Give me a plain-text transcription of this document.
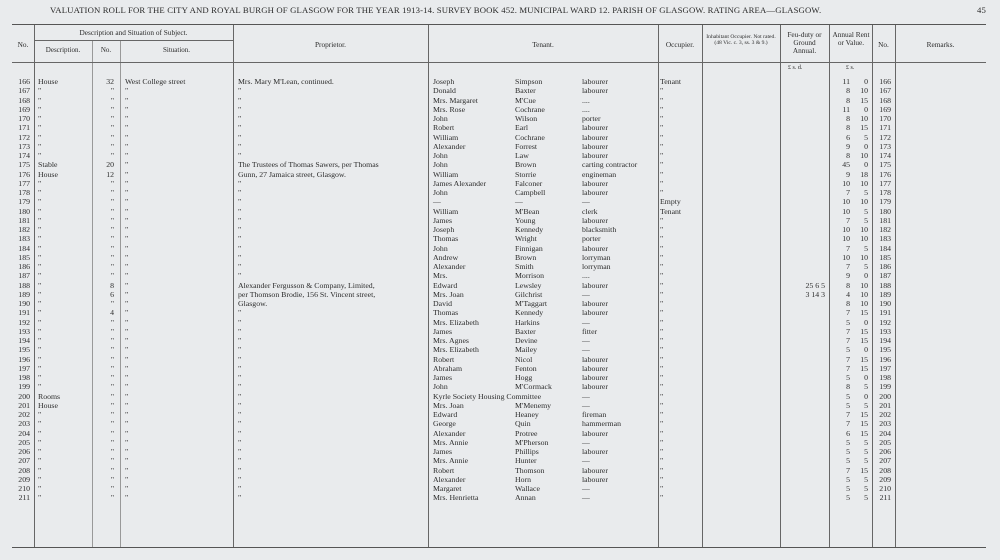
VALUATION ROLL FOR THE CITY AND ROYAL BURGH OF GLASGOW FOR THE YEAR 1913-14. SURVEY BOOK 452. MUNICIPAL WARD 12. PARISH OF GLASGOW. RATING AREA—GLASGOW.	45
No.
Description and Situation of Subject.
Description.	No.	Situation.
Proprietor.	Tenant.	Occupier.
Inhabitant Occupier. Not rated. (48 Vic. c. 3, ss. 3 & 9.)
Feu-duty or Ground Annual.
Annual Rent or Value.	No.	Remarks.
£ s. d.	£ s.
166 House	32 West College street	Mrs. Mary M'Lean, continued.	Joseph	Simpson	labourer	Tenant	11	0	166
167 "	" "	"	Donald	Baxter	labourer	"	8	10	167
168 "	" "	"	Mrs. Margaret	M'Cue	....	"	8	15	168
169 "	" "	"	Mrs. Rose	Cochrane	....	"	11	0	169
170 "	" "	"	John	Wilson	porter	"	8	10	170
171 "	" "	"	Robert	Earl	labourer	"	8	15	171
172 "	" "	"	William	Cochrane	labourer	"	6	5	172
173 "	" "	"	Alexander	Forrest	labourer	"	9	0	173
174 "	" "	"	John	Law	labourer	"	8	10	174
175 Stable	20 "	The Trustees of Thomas Sawers, per Thomas	John	Brown	carting contractor	"	45	0	175
176 House	12 "	Gunn, 27 Jamaica street, Glasgow.	William	Storrie	engineman	"	9	18	176
177 "	" "	"	James Alexander	Falconer	labourer	"	10	10	177
178 "	" "	"	John	Campbell	labourer	"	7	5	178
179 "	" "	"	—	—	—	Empty	10	10	179
180 "	" "	"	William	M'Bean	clerk	Tenant	10	5	180
181 "	" "	"	James	Young	labourer	"	7	5	181
182 "	" "	"	Joseph	Kennedy	blacksmith	"	10	10	182
183 "	" "	"	Thomas	Wright	porter	"	10	10	183
184 "	" "	"	John	Finnigan	labourer	"	7	5	184
185 "	" "	"	Andrew	Brown	lorryman	"	10	10	185
186 "	" "	"	Alexander	Smith	lorryman	"	7	5	186
187 "	" "	"	Mrs.	Morrison	....	"	9	0	187
188 "	8 "	Alexander Fergusson & Company, Limited,	Edward	Lewsley	labourer	"	25 6 5	8	10	188
189 "	6 "	per Thomson Brodie, 156 St. Vincent street,	Mrs. Joan	Gilchrist	—	"	3 14 3	4	10	189
190 "	" "	Glasgow.	David	M'Taggart	labourer	"	8	10	190
191 "	4 "	"	Thomas	Kennedy	labourer	"	7	15	191
192 "	" "	"	Mrs. Elizabeth	Harkins	—	"	5	0	192
193 "	" "	"	James	Baxter	fitter	"	7	15	193
194 "	" "	"	Mrs. Agnes	Devine	—	"	7	15	194
195 "	" "	"	Mrs. Elizabeth	Mailey	—	"	5	0	195
196 "	" "	"	Robert	Nicol	labourer	"	7	15	196
197 "	" "	"	Abraham	Fenton	labourer	"	7	15	197
198 "	" "	"	James	Hogg	labourer	"	5	0	198
199 "	" "	"	John	M'Cormack	labourer	"	8	5	199
200 Rooms	" "	"	Kyrle Society Housing Committee	—	"	5	0	200
201 House	" "	"	Mrs. Joan	M'Menemy	—	"	5	5	201
202 "	" "	"	Edward	Heaney	fireman	"	7	15	202
203 "	" "	"	George	Quin	hammerman	"	7	15	203
204 "	" "	"	Alexander	Protree	labourer	"	6	15	204
205 "	" "	"	Mrs. Annie	M'Pherson	—	"	5	5	205
206 "	" "	"	James	Phillips	labourer	"	5	5	206
207 "	" "	"	Mrs. Annie	Hunter	—	"	5	5	207
208 "	" "	"	Robert	Thomson	labourer	"	7	15	208
209 "	" "	"	Alexander	Horn	labourer	"	5	5	209
210 "	" "	"	Margaret	Wallace	—	"	5	5	210
211 "	" "	"	Mrs. Henrietta	Annan	—	"	5	5	211
